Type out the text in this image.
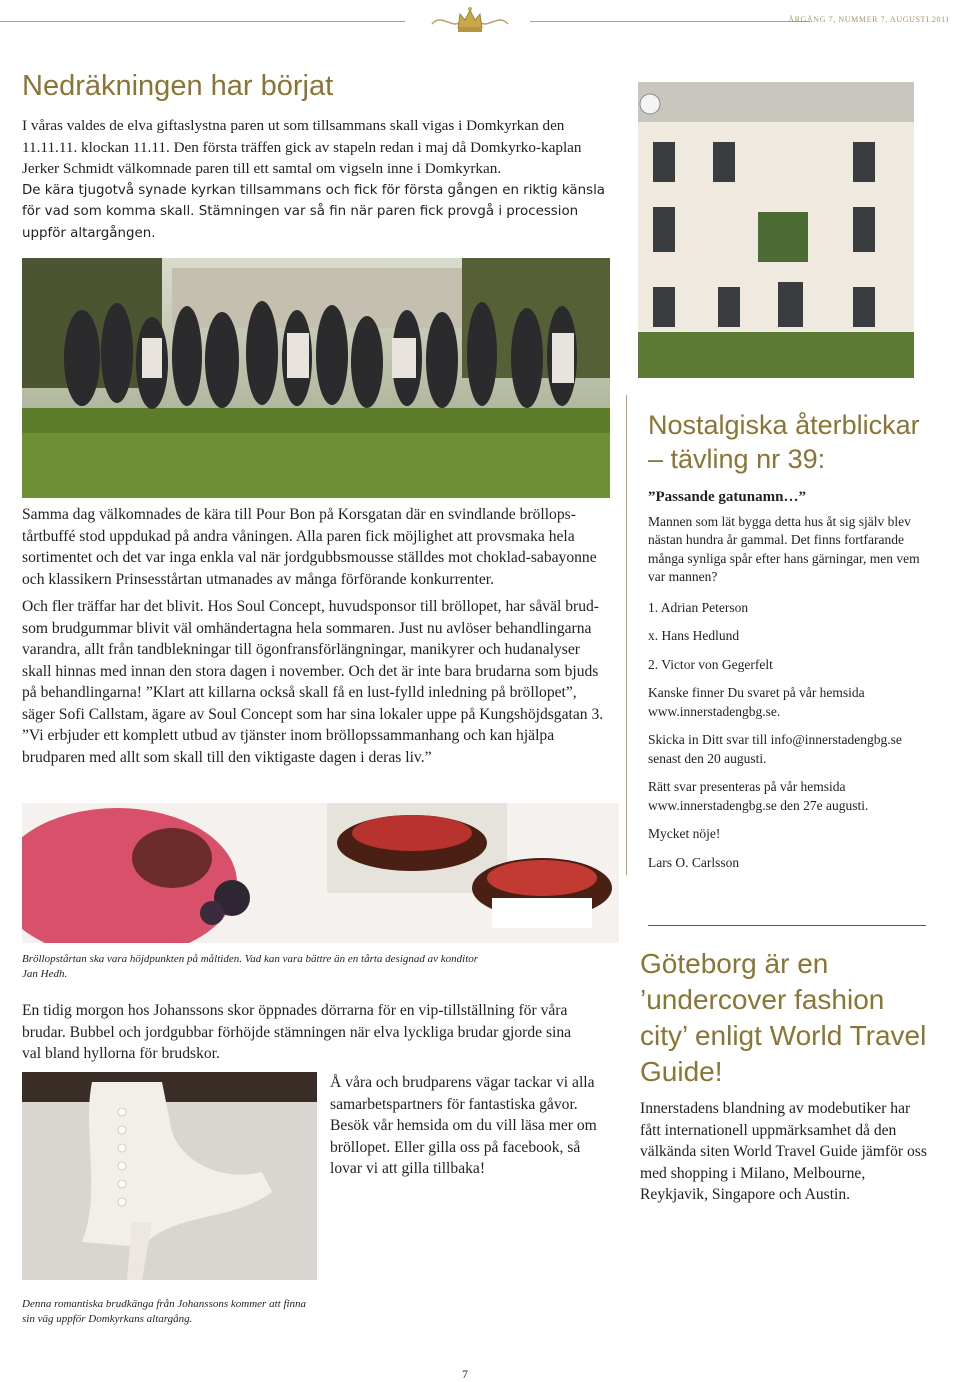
ÅRGÅNG 7, NUMMER 7, AUGUSTI 2011
Nedräkningen har börjat

I våras valdes de elva giftaslystna paren ut som tillsammans skall vigas i Domkyrkan den 11.11.11. klockan 11.11. Den första träffen gick av stapeln redan i maj då Domkyrko-kaplan Jerker Schmidt välkomnade paren till ett samtal om vigseln inne i Domkyrkan.

De kära tjugotvå synade kyrkan tillsammans och fick för första gången en riktig känsla för vad som komma skall. Stämningen var så fin när paren fick provgå i procession uppför altargången.

Samma dag välkomnades de kära till Pour Bon på Korsgatan där en svindlande bröllops-tårtbuffé stod uppdukad på andra våningen. Alla paren fick möjlighet att provsmaka hela sortimentet och det var inga enkla val när jordgubbsmousse ställdes mot choklad-sabayonne och klassikern Prinsesstårtan utmanades av många förförande konkurrenter.

Och fler träffar har det blivit. Hos Soul Concept, huvudsponsor till bröllopet, har såväl brud- som brudgummar blivit väl omhändertagna hela sommaren. Just nu avlöser behandlingarna varandra, allt från tandblekningar till ögonfransförlängningar, manikyrer och hudanalyser skall hinnas med innan den stora dagen i november. Och det är inte bara brudarna som bjuds på behandlingarna! ”Klart att killarna också skall få en lust-fylld inledning på bröllopet”, säger Sofi Callstam, ägare av Soul Concept som har sina lokaler uppe på Kungshöjdsgatan 3. ”Vi erbjuder ett komplett utbud av tjänster inom bröllopssammanhang och kan hjälpa brudparen med allt som skall till den viktigaste dagen i deras liv.”

Bröllopstårtan ska vara höjdpunkten på måltiden. Vad kan vara bättre än en tårta designad av konditor Jan Hedh.

En tidig morgon hos Johanssons skor öppnades dörrarna för en vip-tillställning för våra brudar. Bubbel och jordgubbar förhöjde stämningen när elva lyckliga brudar gjorde sina val bland hyllorna för brudskor.

Å våra och brudparens vägar tackar vi alla samarbetspartners för fantastiska gåvor. Besök vår hemsida om du vill läsa mer om bröllopet. Eller gilla oss på facebook, så lovar vi att gilla tillbaka!

Denna romantiska brudkänga från Johanssons kommer att finna sin väg uppför Domkyrkans altargång.

Nostalgiska återblickar
– tävling nr 39:

”Passande gatunamn…”

Mannen som lät bygga detta hus åt sig själv blev nästan hundra år gammal. Det finns fortfarande många synliga spår efter hans gärningar, men vem var mannen?

1. Adrian Peterson

x. Hans Hedlund

2. Victor von Gegerfelt

Kanske finner Du svaret på vår hemsida www.innerstadengbg.se.

Skicka in Ditt svar till info@innerstadengbg.se senast den 20 augusti.

Rätt svar presenteras på vår hemsida www.innerstadengbg.se den 27e augusti.

Mycket nöje!

Lars O. Carlsson

Göteborg är en ’undercover fashion city’ enligt World Travel Guide!

Innerstadens blandning av modebutiker har fått internationell uppmärksamhet då den välkända siten World Travel Guide jämför oss med shopping i Milano, Melbourne, Reykjavik, Singapore och Austin.

7
